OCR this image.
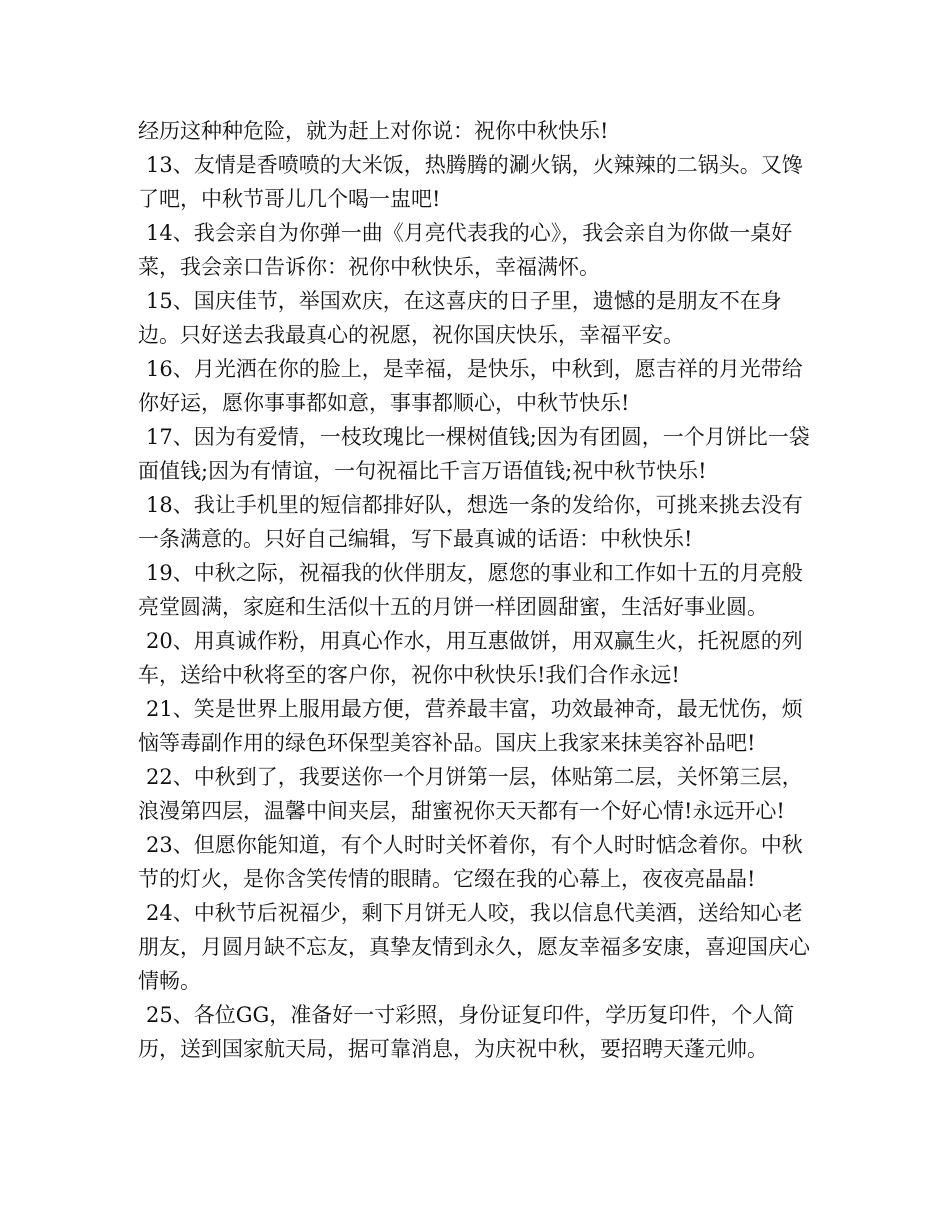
经历这种种危险，就为赶上对你说：祝你中秋快乐!

13、友情是香喷喷的大米饭，热腾腾的涮火锅，火辣辣的二锅头。又馋了吧，中秋节哥儿几个喝一盅吧!

14、我会亲自为你弹一曲《月亮代表我的心》，我会亲自为你做一桌好菜，我会亲口告诉你：祝你中秋快乐，幸福满怀。

15、国庆佳节，举国欢庆，在这喜庆的日子里，遗憾的是朋友不在身边。只好送去我最真心的祝愿，祝你国庆快乐，幸福平安。

16、月光洒在你的脸上，是幸福，是快乐，中秋到，愿吉祥的月光带给你好运，愿你事事都如意，事事都顺心，中秋节快乐!

17、因为有爱情，一枝玫瑰比一棵树值钱;因为有团圆，一个月饼比一袋面值钱;因为有情谊，一句祝福比千言万语值钱;祝中秋节快乐!

18、我让手机里的短信都排好队，想选一条的发给你，可挑来挑去没有一条满意的。只好自己编辑，写下最真诚的话语：中秋快乐!

19、中秋之际，祝福我的伙伴朋友，愿您的事业和工作如十五的月亮般亮堂圆满，家庭和生活似十五的月饼一样团圆甜蜜，生活好事业圆。

20、用真诚作粉，用真心作水，用互惠做饼，用双赢生火，托祝愿的列车，送给中秋将至的客户你，祝你中秋快乐!我们合作永远!

21、笑是世界上服用最方便，营养最丰富，功效最神奇，最无忧伤，烦恼等毒副作用的绿色环保型美容补品。国庆上我家来抹美容补品吧!

22、中秋到了，我要送你一个月饼第一层，体贴第二层，关怀第三层，浪漫第四层，温馨中间夹层，甜蜜祝你天天都有一个好心情!永远开心!

23、但愿你能知道，有个人时时关怀着你，有个人时时惦念着你。中秋节的灯火，是你含笑传情的眼睛。它缀在我的心幕上，夜夜亮晶晶!

24、中秋节后祝福少，剩下月饼无人咬，我以信息代美酒，送给知心老朋友，月圆月缺不忘友，真挚友情到永久，愿友幸福多安康，喜迎国庆心情畅。

25、各位GG，准备好一寸彩照，身份证复印件，学历复印件，个人简历，送到国家航天局，据可靠消息，为庆祝中秋，要招聘天蓬元帅。
